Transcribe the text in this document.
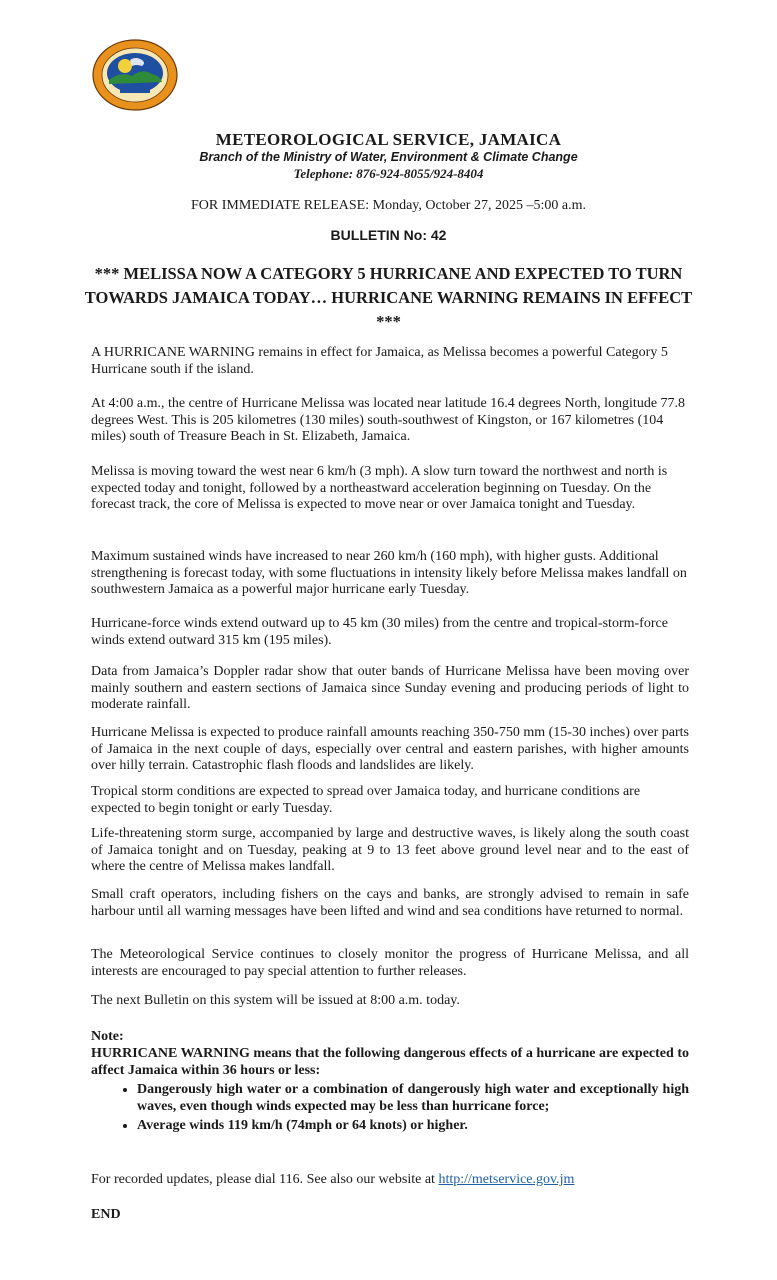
METEOROLOGICAL SERVICE, JAMAICA
Branch of the Ministry of Water, Environment & Climate Change
Telephone: 876-924-8055/924-8404
FOR IMMEDIATE RELEASE: Monday, October 27, 2025 –5:00 a.m.
BULLETIN No: 42
*** MELISSA NOW A CATEGORY 5 HURRICANE AND EXPECTED TO TURN TOWARDS JAMAICA TODAY… HURRICANE WARNING REMAINS IN EFFECT ***

A HURRICANE WARNING remains in effect for Jamaica, as Melissa becomes a powerful Category 5 Hurricane south if the island.

At 4:00 a.m., the centre of Hurricane Melissa was located near latitude 16.4 degrees North, longitude 77.8 degrees West. This is 205 kilometres (130 miles) south-southwest of Kingston, or 167 kilometres (104 miles) south of Treasure Beach in St. Elizabeth, Jamaica.

Melissa is moving toward the west near 6 km/h (3 mph). A slow turn toward the northwest and north is expected today and tonight, followed by a northeastward acceleration beginning on Tuesday. On the forecast track, the core of Melissa is expected to move near or over Jamaica tonight and Tuesday.

Maximum sustained winds have increased to near 260 km/h (160 mph), with higher gusts. Additional strengthening is forecast today, with some fluctuations in intensity likely before Melissa makes landfall on southwestern Jamaica as a powerful major hurricane early Tuesday.

Hurricane-force winds extend outward up to 45 km (30 miles) from the centre and tropical-storm-force winds extend outward 315 km (195 miles).

Data from Jamaica’s Doppler radar show that outer bands of Hurricane Melissa have been moving over mainly southern and eastern sections of Jamaica since Sunday evening and producing periods of light to moderate rainfall.

Hurricane Melissa is expected to produce rainfall amounts reaching 350-750 mm (15-30 inches) over parts of Jamaica in the next couple of days, especially over central and eastern parishes, with higher amounts over hilly terrain. Catastrophic flash floods and landslides are likely.

Tropical storm conditions are expected to spread over Jamaica today, and hurricane conditions are expected to begin tonight or early Tuesday.

Life-threatening storm surge, accompanied by large and destructive waves, is likely along the south coast of Jamaica tonight and on Tuesday, peaking at 9 to 13 feet above ground level near and to the east of where the centre of Melissa makes landfall.

Small craft operators, including fishers on the cays and banks, are strongly advised to remain in safe harbour until all warning messages have been lifted and wind and sea conditions have returned to normal.

The Meteorological Service continues to closely monitor the progress of Hurricane Melissa, and all interests are encouraged to pay special attention to further releases.

The next Bulletin on this system will be issued at 8:00 a.m. today.

Note:

HURRICANE WARNING means that the following dangerous effects of a hurricane are expected to affect Jamaica within 36 hours or less:

• Dangerously high water or a combination of dangerously high water and exceptionally high waves, even though winds expected may be less than hurricane force;
• Average winds 119 km/h (74mph or 64 knots) or higher.
For recorded updates, please dial 116. See also our website at http://metservice.gov.jm
END
